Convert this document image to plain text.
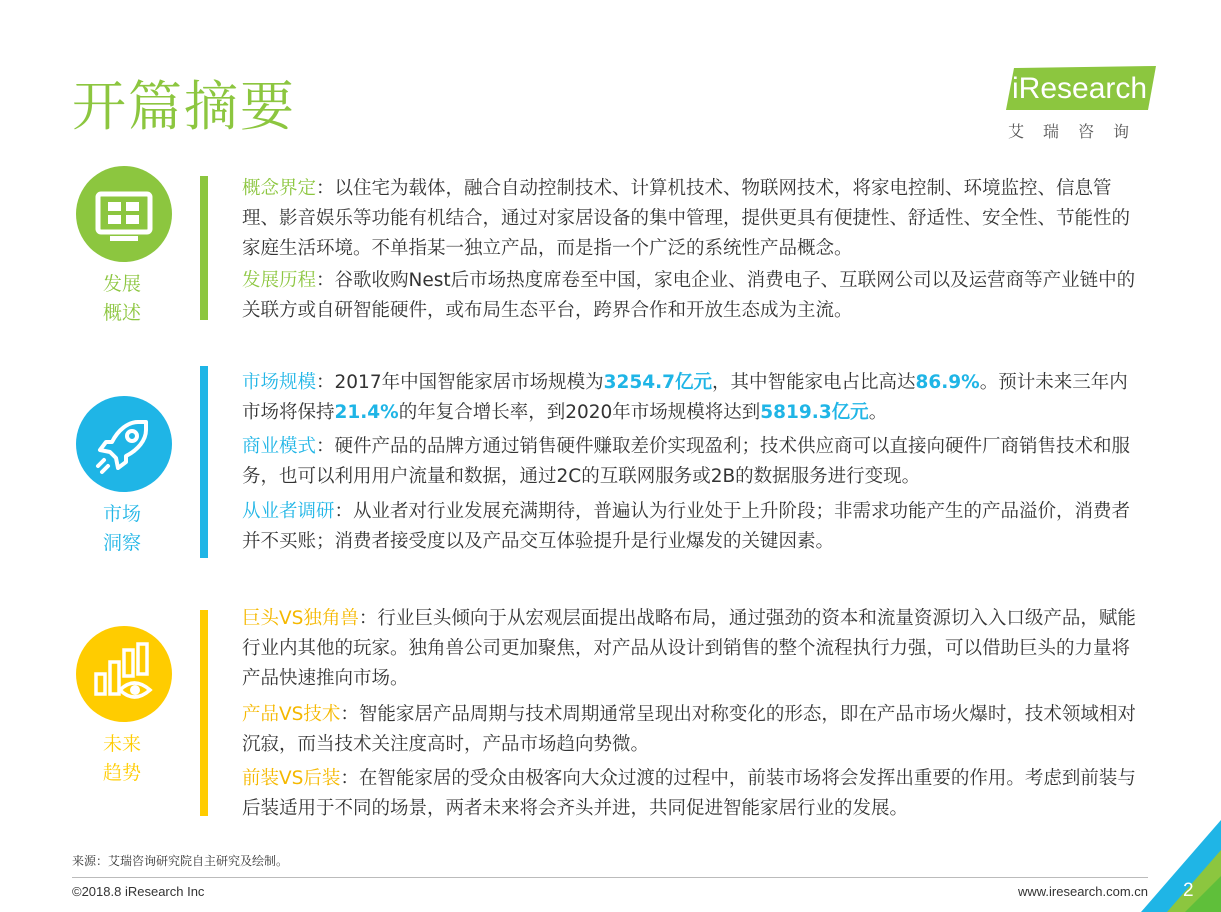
开篇摘要	iResearch
艾瑞咨询
发展
概述
概念界定：以住宅为载体，融合自动控制技术、计算机技术、物联网技术，将家电控制、环境监控、信息管理、影音娱乐等功能有机结合，通过对家居设备的集中管理，提供更具有便捷性、舒适性、安全性、节能性的家庭生活环境。不单指某一独立产品，而是指一个广泛的系统性产品概念。
发展历程：谷歌收购Nest后市场热度席卷至中国，家电企业、消费电子、互联网公司以及运营商等产业链中的关联方或自研智能硬件，或布局生态平台，跨界合作和开放生态成为主流。
市场
洞察
市场规模：2017年中国智能家居市场规模为3254.7亿元，其中智能家电占比高达86.9%。预计未来三年内市场将保持21.4%的年复合增长率，到2020年市场规模将达到5819.3亿元。
商业模式：硬件产品的品牌方通过销售硬件赚取差价实现盈利；技术供应商可以直接向硬件厂商销售技术和服务，也可以利用用户流量和数据，通过2C的互联网服务或2B的数据服务进行变现。
从业者调研：从业者对行业发展充满期待，普遍认为行业处于上升阶段；非需求功能产生的产品溢价，消费者并不买账；消费者接受度以及产品交互体验提升是行业爆发的关键因素。
未来
趋势
巨头VS独角兽：行业巨头倾向于从宏观层面提出战略布局，通过强劲的资本和流量资源切入入口级产品，赋能行业内其他的玩家。独角兽公司更加聚焦，对产品从设计到销售的整个流程执行力强，可以借助巨头的力量将产品快速推向市场。
产品VS技术：智能家居产品周期与技术周期通常呈现出对称变化的形态，即在产品市场火爆时，技术领域相对沉寂，而当技术关注度高时，产品市场趋向势微。
前装VS后装：在智能家居的受众由极客向大众过渡的过程中，前装市场将会发挥出重要的作用。考虑到前装与后装适用于不同的场景，两者未来将会齐头并进，共同促进智能家居行业的发展。
来源：艾瑞咨询研究院自主研究及绘制。
©2018.8 iResearch Inc	www.iresearch.com.cn 2
